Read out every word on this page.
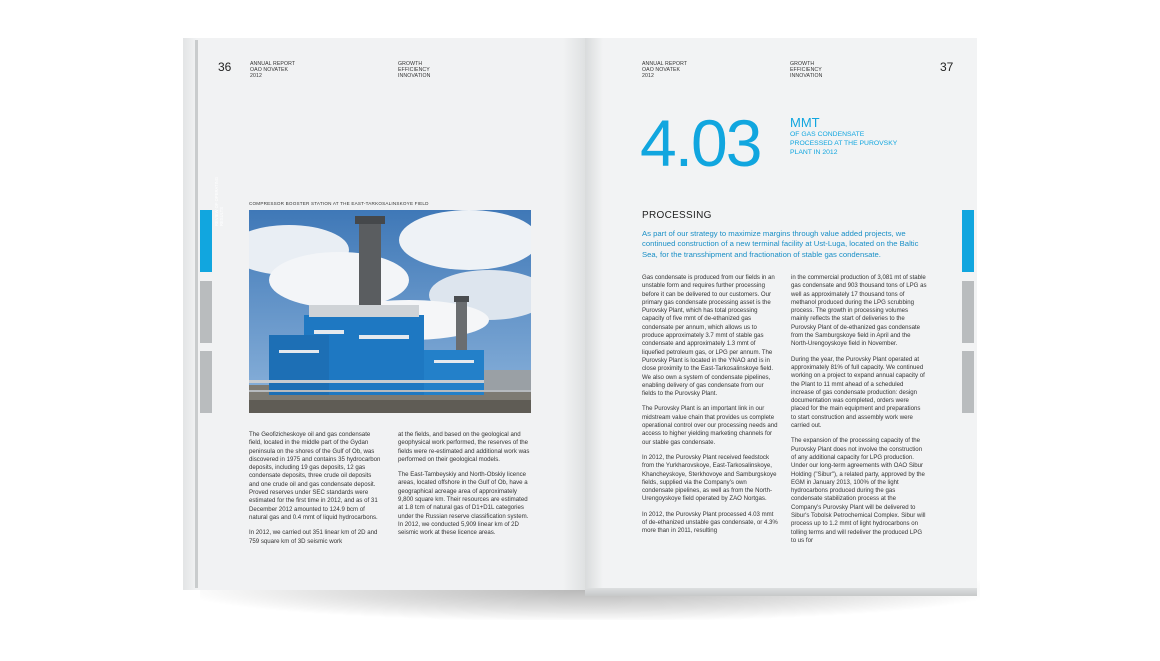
36	ANNUAL REPORT
OAO NOVATEK
2012
GROWTH
EFFICIENCY
INNOVATION
REVIEW OF OPERATING RESULTS
COMPRESSOR BOOSTER STATION AT THE EAST-TARKOSALINSKOYE FIELD

The Geofizicheskoye oil and gas condensate field, located in the middle part of the Gydan peninsula on the shores of the Gulf of Ob, was discovered in 1975 and contains 35 hydrocarbon deposits, including 19 gas deposits, 12 gas condensate deposits, three crude oil deposits and one crude oil and gas condensate deposit. Proved reserves under SEC standards were estimated for the first time in 2012, and as of 31 December 2012 amounted to 124.9 bcm of natural gas and 0.4 mmt of liquid hydrocarbons.

In 2012, we carried out 351 linear km of 2D and 759 square km of 3D seismic work

at the fields, and based on the geological and geophysical work performed, the reserves of the fields were re-estimated and additional work was performed on their geological models.

The East-Tambeyskiy and North-Obskiy licence areas, located offshore in the Gulf of Ob, have a geographical acreage area of approximately 9,800 square km. Their resources are estimated at 1.8 tcm of natural gas of D1+D1L categories under the Russian reserve classification system. In 2012, we conducted 5,909 linear km of 2D seismic work at these licence areas.

ANNUAL REPORT
OAO NOVATEK
2012
GROWTH
EFFICIENCY
INNOVATION
37
4.03 MMT
OF GAS CONDENSATE PROCESSED AT THE PUROVSKY PLANT IN 2012
PROCESSING
As part of our strategy to maximize margins through value added projects, we continued construction of a new terminal facility at Ust-Luga, located on the Baltic Sea, for the transshipment and fractionation of stable gas condensate.

Gas condensate is produced from our fields in an unstable form and requires further processing before it can be delivered to our customers. Our primary gas condensate processing asset is the Purovsky Plant, which has total processing capacity of five mmt of de-ethanized gas condensate per annum, which allows us to produce approximately 3.7 mmt of stable gas condensate and approximately 1.3 mmt of liquefied petroleum gas, or LPG per annum. The Purovsky Plant is located in the YNAO and is in close proximity to the East-Tarkosalinskoye field. We also own a system of condensate pipelines, enabling delivery of gas condensate from our fields to the Purovsky Plant.

The Purovsky Plant is an important link in our midstream value chain that provides us complete operational control over our processing needs and access to higher yielding marketing channels for our stable gas condensate.

In 2012, the Purovsky Plant received feedstock from the Yurkharovskoye, East-Tarkosalinskoye, Khancheyskoye, Sterkhovoye and Samburgskoye fields, supplied via the Company's own condensate pipelines, as well as from the North-Urengoyskoye field operated by ZAO Nortgas.

In 2012, the Purovsky Plant processed 4.03 mmt of de-ethanized unstable gas condensate, or 4.3% more than in 2011, resulting

in the commercial production of 3,081 mt of stable gas condensate and 903 thousand tons of LPG as well as approximately 17 thousand tons of methanol produced during the LPG scrubbing process. The growth in processing volumes mainly reflects the start of deliveries to the Purovsky Plant of de-ethanized gas condensate from the Samburgskoye field in April and the North-Urengoyskoye field in November.

During the year, the Purovsky Plant operated at approximately 81% of full capacity. We continued working on a project to expand annual capacity of the Plant to 11 mmt ahead of a scheduled increase of gas condensate production: design documentation was completed, orders were placed for the main equipment and preparations to start construction and assembly work were carried out.

The expansion of the processing capacity of the Purovsky Plant does not involve the construction of any additional capacity for LPG production. Under our long-term agreements with OAO Sibur Holding ("Sibur"), a related party, approved by the EGM in January 2013, 100% of the light hydrocarbons produced during the gas condensate stabilization process at the Company's Purovsky Plant will be delivered to Sibur's Tobolsk Petrochemical Complex. Sibur will process up to 1.2 mmt of light hydrocarbons on tolling terms and will redeliver the produced LPG to us for
